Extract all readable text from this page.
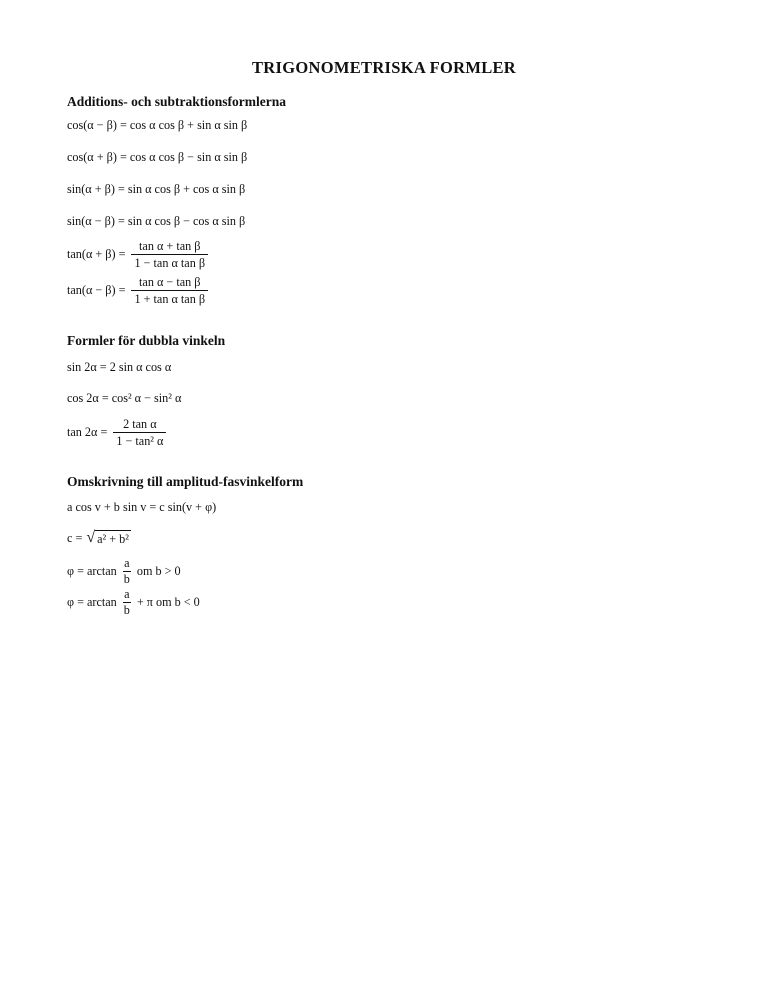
TRIGONOMETRISKA FORMLER
Additions- och subtraktionsformlerna
cos(α − β) = cos α cos β + sin α sin β
cos(α + β) = cos α cos β − sin α sin β
sin(α + β) = sin α cos β + cos α sin β
sin(α − β) = sin α cos β − cos α sin β
$\tan(\alpha + \beta) = \frac{\text{tan α + tan β}}{\text{1 − tan α tan β}}$
$\tan(\alpha - \beta) = \frac{\text{tan α − tan β}}{\text{1 + tan α tan β}}$
Formler för dubbla vinkeln
sin 2α = 2 sin α cos α
cos 2α = cos² α − sin² α
$\tan 2\alpha = \frac{\text{2 tan α}}{\text{1 − tan² α}}$
Omskrivning till amplitud-fasvinkelform
a cos v + b sin v = c sin(v + φ)
c = √ a² + b²
$\varphi = \arctan \frac{a}{b}$ om b > 0
$\varphi = \arctan \frac{a}{b} + \pi$ om b < 0
